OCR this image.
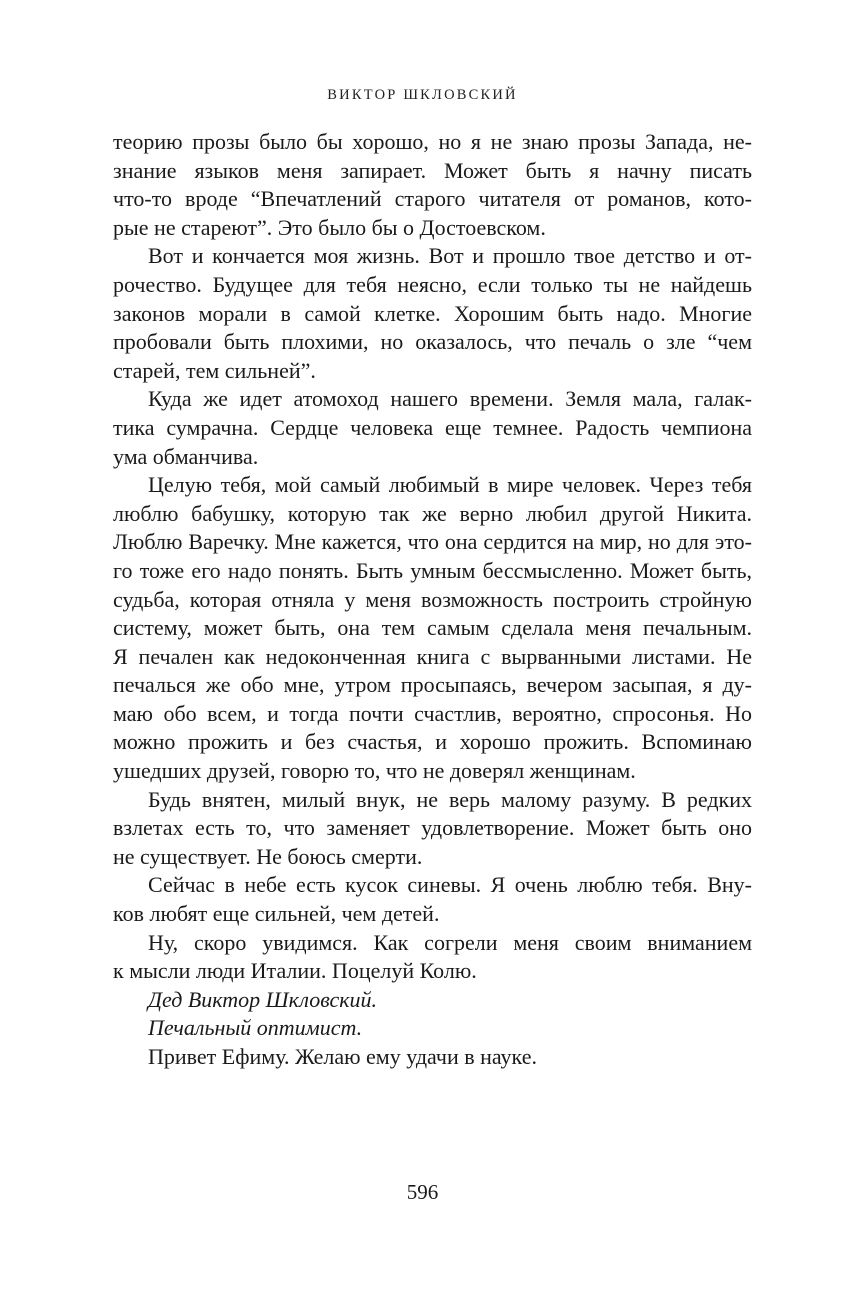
ВИКТОР ШКЛОВСКИЙ
теорию прозы было бы хорошо, но я не знаю прозы Запада, не-
знание языков меня запирает. Может быть я начну писать
что-то вроде “Впечатлений старого читателя от романов, кото-
рые не стареют”. Это было бы о Достоевском.
Вот и кончается моя жизнь. Вот и прошло твое детство и от-
рочество. Будущее для тебя неясно, если только ты не найдешь
законов морали в самой клетке. Хорошим быть надо. Многие
пробовали быть плохими, но оказалось, что печаль о зле “чем
старей, тем сильней”.
Куда же идет атомоход нашего времени. Земля мала, галак-
тика сумрачна. Сердце человека еще темнее. Радость чемпиона
ума обманчива.
Целую тебя, мой самый любимый в мире человек. Через тебя
люблю бабушку, которую так же верно любил другой Никита.
Люблю Варечку. Мне кажется, что она сердится на мир, но для это-
го тоже его надо понять. Быть умным бессмысленно. Может быть,
судьба, которая отняла у меня возможность построить стройную
систему, может быть, она тем самым сделала меня печальным.
Я печален как недоконченная книга с вырванными листами. Не
печалься же обо мне, утром просыпаясь, вечером засыпая, я ду-
маю обо всем, и тогда почти счастлив, вероятно, спросонья. Но
можно прожить и без счастья, и хорошо прожить. Вспоминаю
ушедших друзей, говорю то, что не доверял женщинам.
Будь внятен, милый внук, не верь малому разуму. В редких
взлетах есть то, что заменяет удовлетворение. Может быть оно
не существует. Не боюсь смерти.
Сейчас в небе есть кусок синевы. Я очень люблю тебя. Вну-
ков любят еще сильней, чем детей.
Ну, скоро увидимся. Как согрели меня своим вниманием
к мысли люди Италии. Поцелуй Колю.
Дед Виктор Шкловский.
Печальный оптимист.
Привет Ефиму. Желаю ему удачи в науке.
596
